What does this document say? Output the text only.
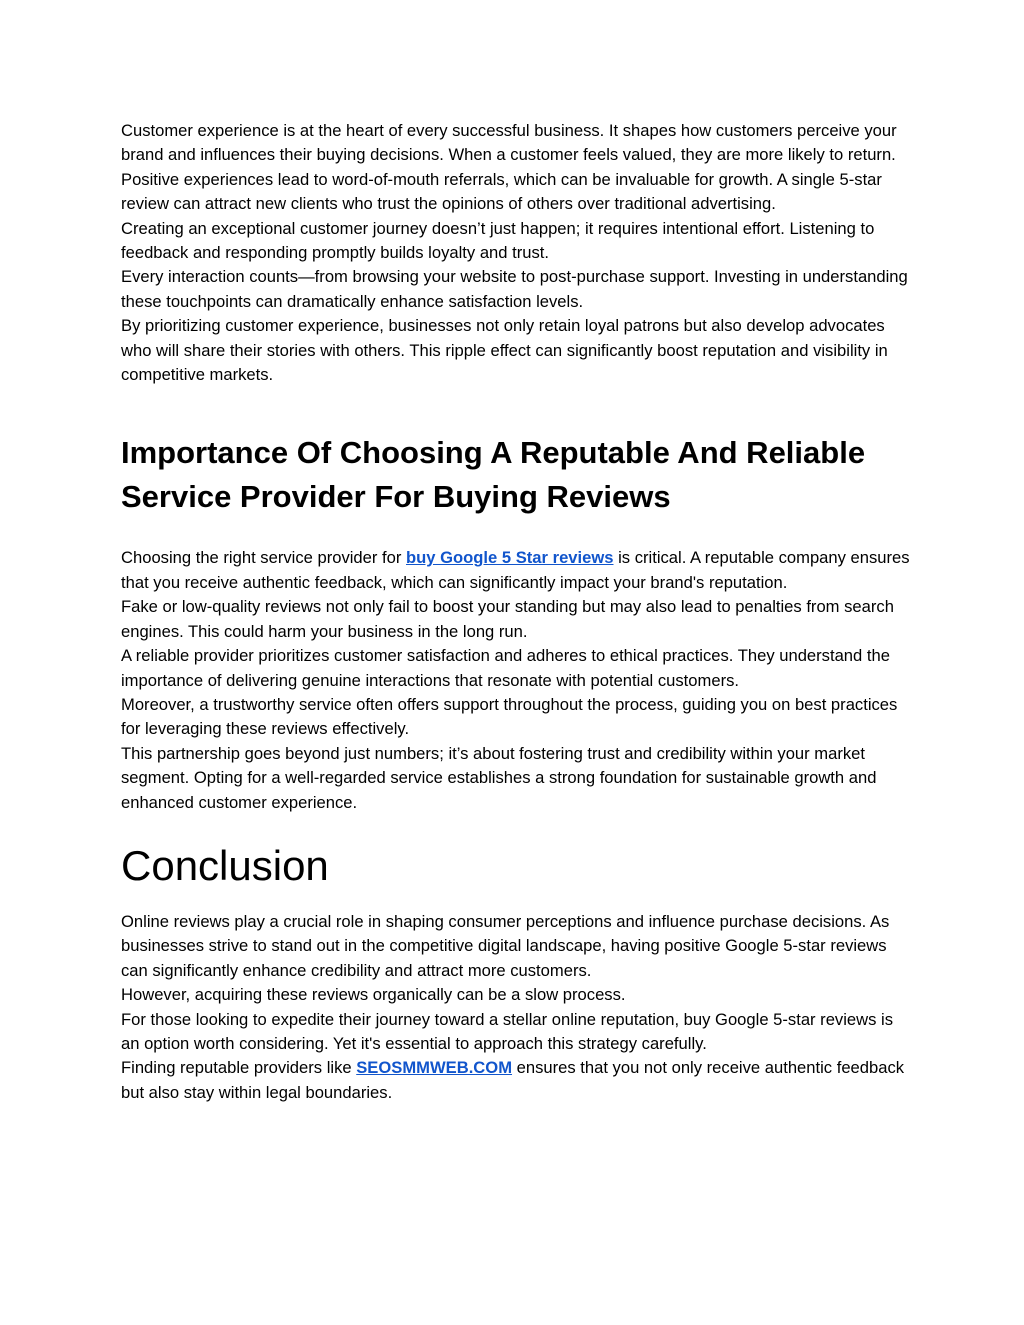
Customer experience is at the heart of every successful business. It shapes how customers perceive your brand and influences their buying decisions. When a customer feels valued, they are more likely to return.

Positive experiences lead to word-of-mouth referrals, which can be invaluable for growth. A single 5-star review can attract new clients who trust the opinions of others over traditional advertising.

Creating an exceptional customer journey doesn’t just happen; it requires intentional effort. Listening to feedback and responding promptly builds loyalty and trust.

Every interaction counts—from browsing your website to post-purchase support. Investing in understanding these touchpoints can dramatically enhance satisfaction levels.

By prioritizing customer experience, businesses not only retain loyal patrons but also develop advocates who will share their stories with others. This ripple effect can significantly boost reputation and visibility in competitive markets.

Importance Of Choosing A Reputable And Reliable Service Provider For Buying Reviews

Choosing the right service provider for buy Google 5 Star reviews is critical. A reputable company ensures that you receive authentic feedback, which can significantly impact your brand's reputation.

Fake or low-quality reviews not only fail to boost your standing but may also lead to penalties from search engines. This could harm your business in the long run.

A reliable provider prioritizes customer satisfaction and adheres to ethical practices. They understand the importance of delivering genuine interactions that resonate with potential customers.

Moreover, a trustworthy service often offers support throughout the process, guiding you on best practices for leveraging these reviews effectively.

This partnership goes beyond just numbers; it’s about fostering trust and credibility within your market segment. Opting for a well-regarded service establishes a strong foundation for sustainable growth and enhanced customer experience.

Conclusion

Online reviews play a crucial role in shaping consumer perceptions and influence purchase decisions. As businesses strive to stand out in the competitive digital landscape, having positive Google 5-star reviews can significantly enhance credibility and attract more customers.

However, acquiring these reviews organically can be a slow process.

For those looking to expedite their journey toward a stellar online reputation, buy Google 5-star reviews is an option worth considering. Yet it's essential to approach this strategy carefully.

Finding reputable providers like SEOSMMWEB.COM ensures that you not only receive authentic feedback but also stay within legal boundaries.
